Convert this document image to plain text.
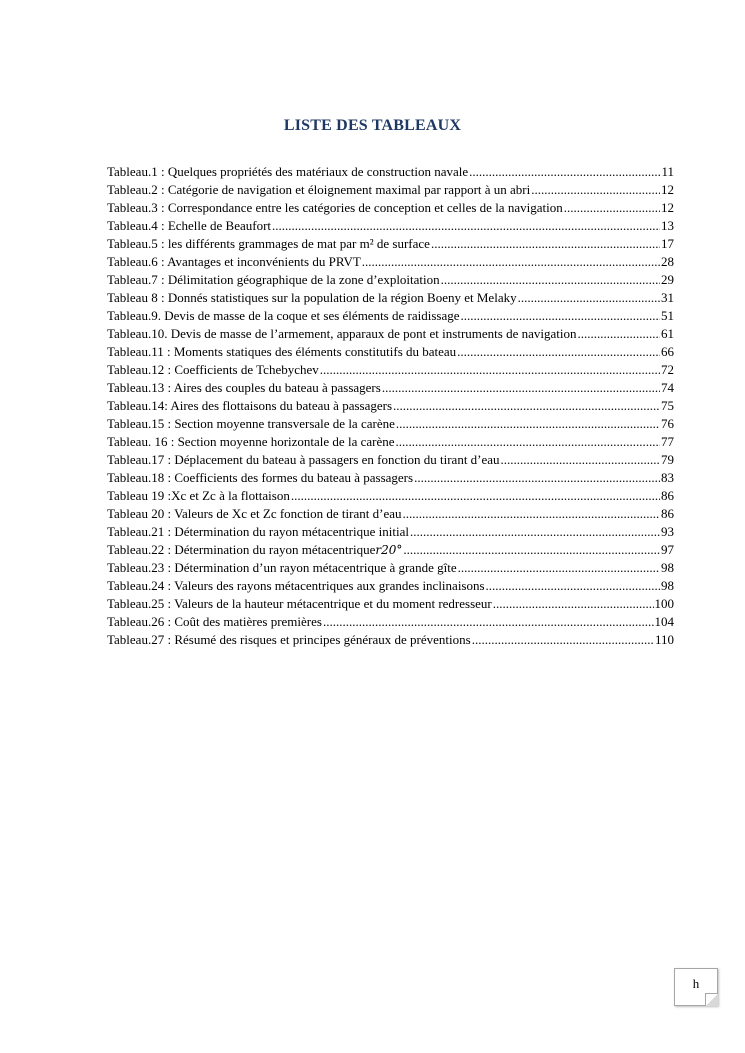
LISTE DES TABLEAUX
Tableau.1 : Quelques propriétés des matériaux de construction navale .....	11
Tableau.2 : Catégorie de navigation et éloignement maximal par rapport à un abri .....	12
Tableau.3 : Correspondance entre les catégories de conception et celles de la navigation .....	12
Tableau.4 : Echelle de Beaufort .....	13
Tableau.5 : les différents grammages de mat par m² de surface .....	17
Tableau.6 : Avantages et inconvénients du PRVT .....	28
Tableau.7 : Délimitation géographique de la zone d’exploitation .....	29
Tableau 8 : Donnés statistiques sur la population de la région Boeny et Melaky .....	31
Tableau.9. Devis de masse de la coque et ses éléments de raidissage .....	51
Tableau.10. Devis de masse de l’armement, apparaux de pont et instruments de navigation .....	61
Tableau.11 : Moments statiques des éléments constitutifs du bateau .....	66
Tableau.12 : Coefficients de Tchebychev .....	72
Tableau.13 : Aires des couples du bateau à passagers .....	74
Tableau.14: Aires des flottaisons du bateau à passagers .....	75
Tableau.15 : Section moyenne transversale de la carène .....	76
Tableau. 16 : Section moyenne horizontale de la carène .....	77
Tableau.17 : Déplacement du bateau à passagers en fonction du tirant d’eau .....	79
Tableau.18 : Coefficients des formes du bateau à passagers .....	83
Tableau 19 :Xc et Zc à la flottaison .....	86
Tableau 20 : Valeurs de Xc et Zc fonction de tirant d’eau .....	86
Tableau.21 : Détermination du rayon métacentrique initial .....	93
Tableau.22 : Détermination du rayon métacentrique r20° .....	97
Tableau.23 : Détermination d’un rayon métacentrique à grande gîte .....	98
Tableau.24 : Valeurs des rayons métacentriques aux grandes inclinaisons .....	98
Tableau.25 : Valeurs de la hauteur métacentrique et du moment redresseur .....	100
Tableau.26 : Coût des matières premières .....	104
Tableau.27 : Résumé des risques et principes généraux de préventions .....	110
h
